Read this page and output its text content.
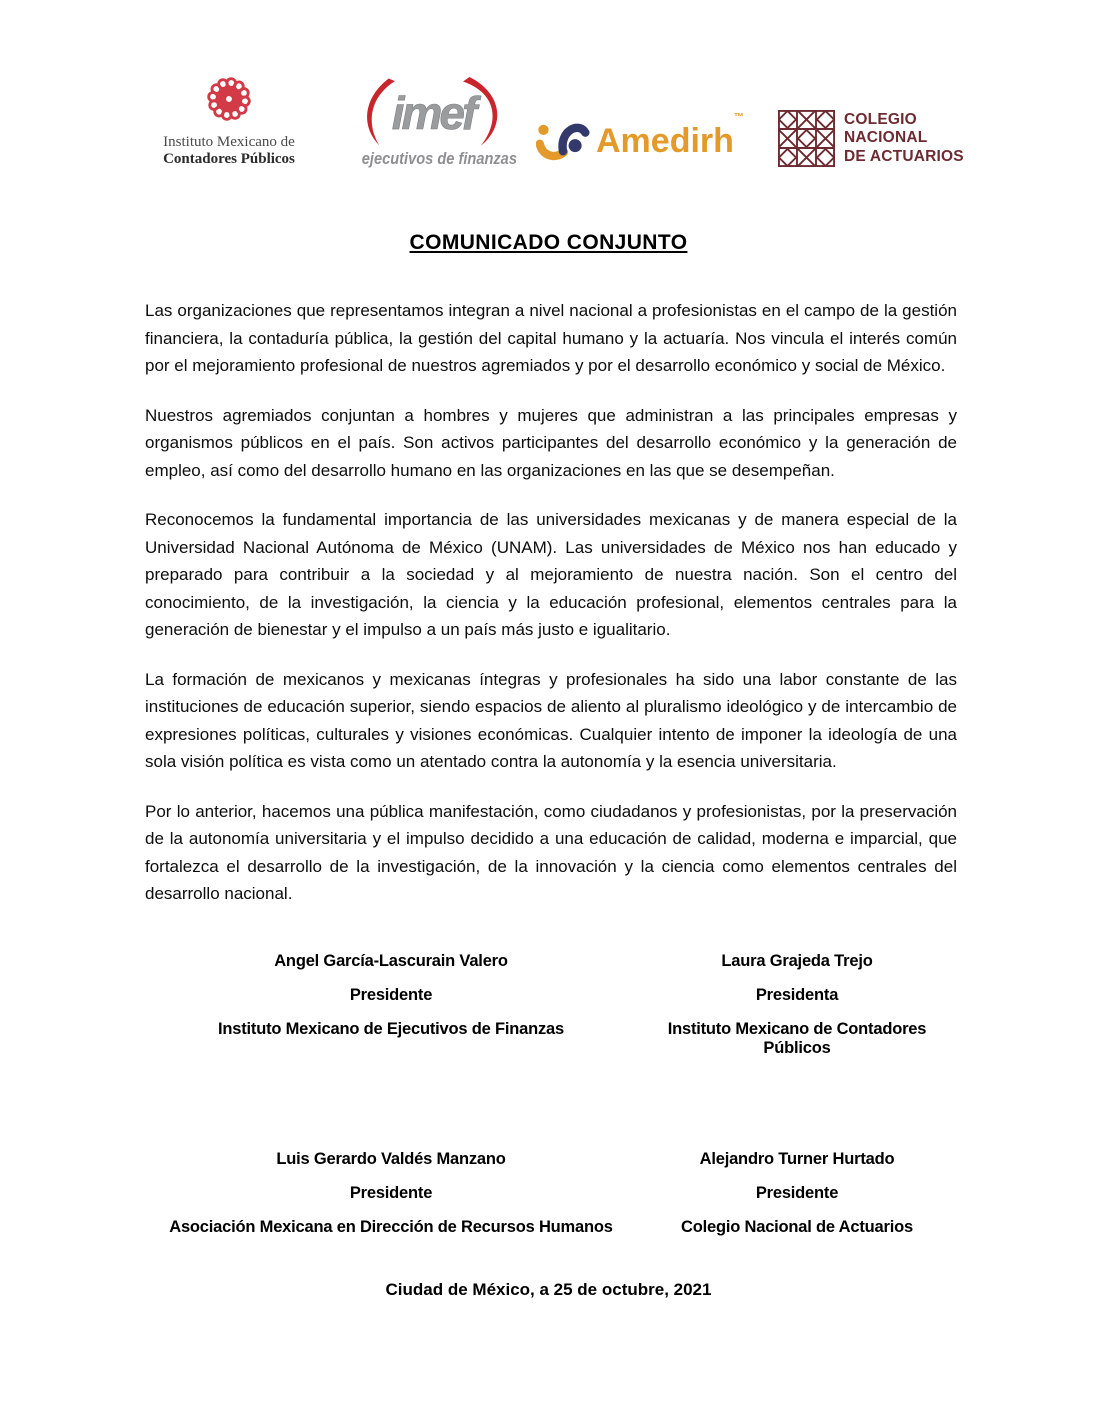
Instituto Mexicano de
Contadores Públicos
imef
ejecutivos de finanzas Amedirh™	COLEGIO
NACIONAL
DE ACTUARIOS
COMUNICADO CONJUNTO

Las organizaciones que representamos integran a nivel nacional a profesionistas en el campo de la gestión financiera, la contaduría pública, la gestión del capital humano y la actuaría. Nos vincula el interés común por el mejoramiento profesional de nuestros agremiados y por el desarrollo económico y social de México.

Nuestros agremiados conjuntan a hombres y mujeres que administran a las principales empresas y organismos públicos en el país. Son activos participantes del desarrollo económico y la generación de empleo, así como del desarrollo humano en las organizaciones en las que se desempeñan.

Reconocemos la fundamental importancia de las universidades mexicanas y de manera especial de la Universidad Nacional Autónoma de México (UNAM). Las universidades de México nos han educado y preparado para contribuir a la sociedad y al mejoramiento de nuestra nación. Son el centro del conocimiento, de la investigación, la ciencia y la educación profesional, elementos centrales para la generación de bienestar y el impulso a un país más justo e igualitario.

La formación de mexicanos y mexicanas íntegras y profesionales ha sido una labor constante de las instituciones de educación superior, siendo espacios de aliento al pluralismo ideológico y de intercambio de expresiones políticas, culturales y visiones económicas. Cualquier intento de imponer la ideología de una sola visión política es vista como un atentado contra la autonomía y la esencia universitaria.

Por lo anterior, hacemos una pública manifestación, como ciudadanos y profesionistas, por la preservación de la autonomía universitaria y el impulso decidido a una educación de calidad, moderna e imparcial, que fortalezca el desarrollo de la investigación, de la innovación y la ciencia como elementos centrales del desarrollo nacional.

Angel García-Lascurain Valero
Presidente
Instituto Mexicano de Ejecutivos de Finanzas
Laura Grajeda Trejo
Presidenta
Instituto Mexicano de Contadores Públicos
Luis Gerardo Valdés Manzano
Presidente
Asociación Mexicana en Dirección de Recursos Humanos
Alejandro Turner Hurtado
Presidente
Colegio Nacional de Actuarios
Ciudad de México, a 25 de octubre, 2021
